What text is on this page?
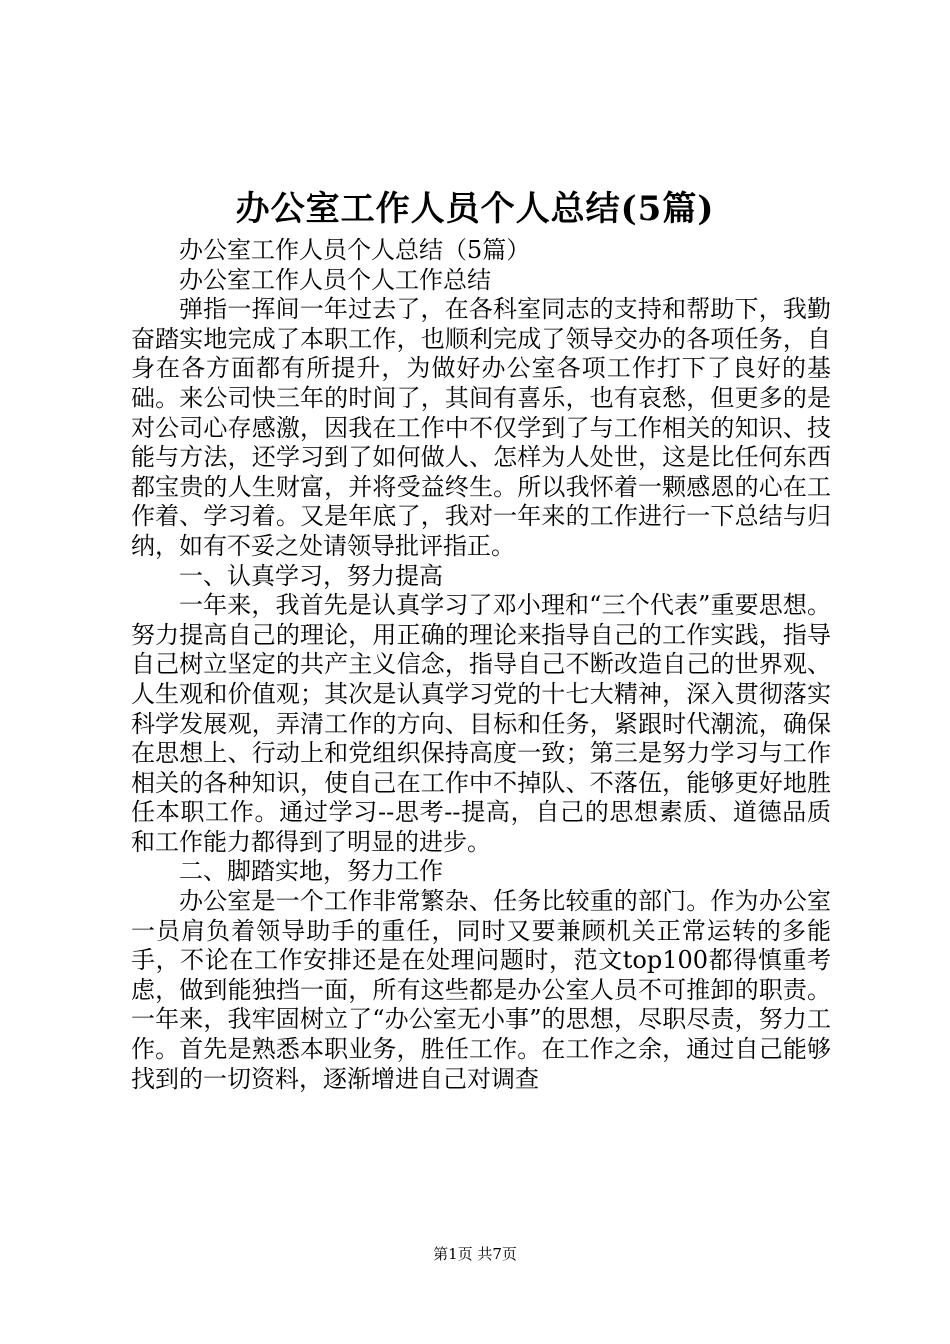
办公室工作人员个人总结(5篇)

办公室工作人员个人总结（5篇）

办公室工作人员个人工作总结

弹指一挥间一年过去了，在各科室同志的支持和帮助下，我勤奋踏实地完成了本职工作，也顺利完成了领导交办的各项任务，自身在各方面都有所提升，为做好办公室各项工作打下了良好的基础。来公司快三年的时间了，其间有喜乐，也有哀愁，但更多的是对公司心存感激，因我在工作中不仅学到了与工作相关的知识、技能与方法，还学习到了如何做人、怎样为人处世，这是比任何东西都宝贵的人生财富，并将受益终生。所以我怀着一颗感恩的心在工作着、学习着。又是年底了，我对一年来的工作进行一下总结与归纳，如有不妥之处请领导批评指正。

一、认真学习，努力提高

一年来，我首先是认真学习了邓小理和“三个代表”重要思想。努力提高自己的理论，用正确的理论来指导自己的工作实践，指导自己树立坚定的共产主义信念，指导自己不断改造自己的世界观、人生观和价值观；其次是认真学习党的十七大精神，深入贯彻落实科学发展观，弄清工作的方向、目标和任务，紧跟时代潮流，确保在思想上、行动上和党组织保持高度一致；第三是努力学习与工作相关的各种知识，使自己在工作中不掉队、不落伍，能够更好地胜任本职工作。通过学习--思考--提高，自己的思想素质、道德品质和工作能力都得到了明显的进步。

二、脚踏实地，努力工作

办公室是一个工作非常繁杂、任务比较重的部门。作为办公室一员肩负着领导助手的重任，同时又要兼顾机关正常运转的多能手，不论在工作安排还是在处理问题时，范文top100都得慎重考虑，做到能独挡一面，所有这些都是办公室人员不可推卸的职责。一年来，我牢固树立了“办公室无小事”的思想，尽职尽责，努力工作。首先是熟悉本职业务，胜任工作。在工作之余，通过自己能够找到的一切资料，逐渐增进自己对调查

第1页 共7页
